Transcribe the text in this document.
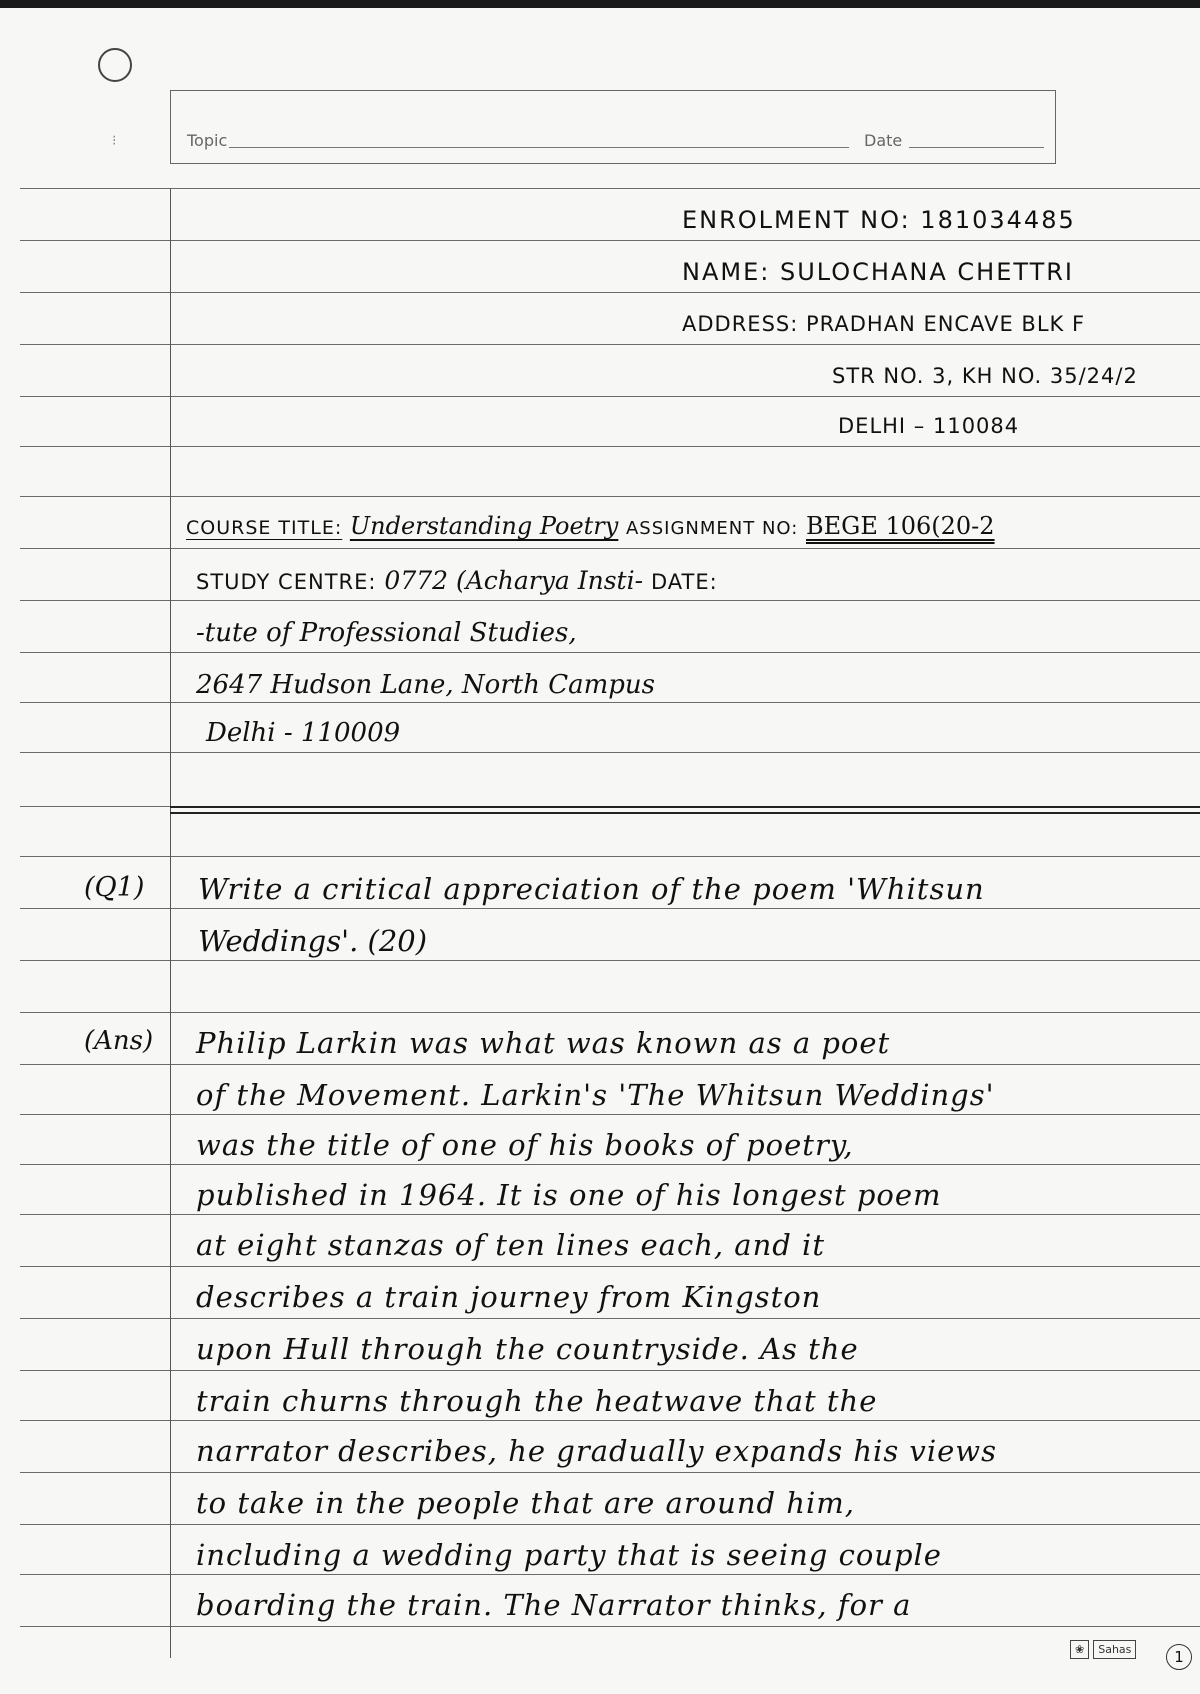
⁝	Topic	Date
ENROLMENT NO: 181034485
NAME: SULOCHANA CHETTRI
ADDRESS: PRADHAN ENCAVE BLK F
STR NO. 3, KH NO. 35/24/2
DELHI – 110084
COURSE TITLE: Understanding Poetry ASSIGNMENT NO: BEGE 106(20-2
STUDY CENTRE: 0772 (Acharya Insti- DATE:
-tute of Professional Studies,
2647 Hudson Lane, North Campus
Delhi - 110009
(Q1) Write a critical appreciation of the poem 'Whitsun
Weddings'. (20)
(Ans) Philip Larkin was what was known as a poet
of the Movement. Larkin's 'The Whitsun Weddings'
was the title of one of his books of poetry,
published in 1964. It is one of his longest poem
at eight stanzas of ten lines each, and it
describes a train journey from Kingston
upon Hull through the countryside. As the
train churns through the heatwave that the
narrator describes, he gradually expands his views
to take in the people that are around him,
including a wedding party that is seeing couple
boarding the train. The Narrator thinks, for a
❀	Sahas	1
